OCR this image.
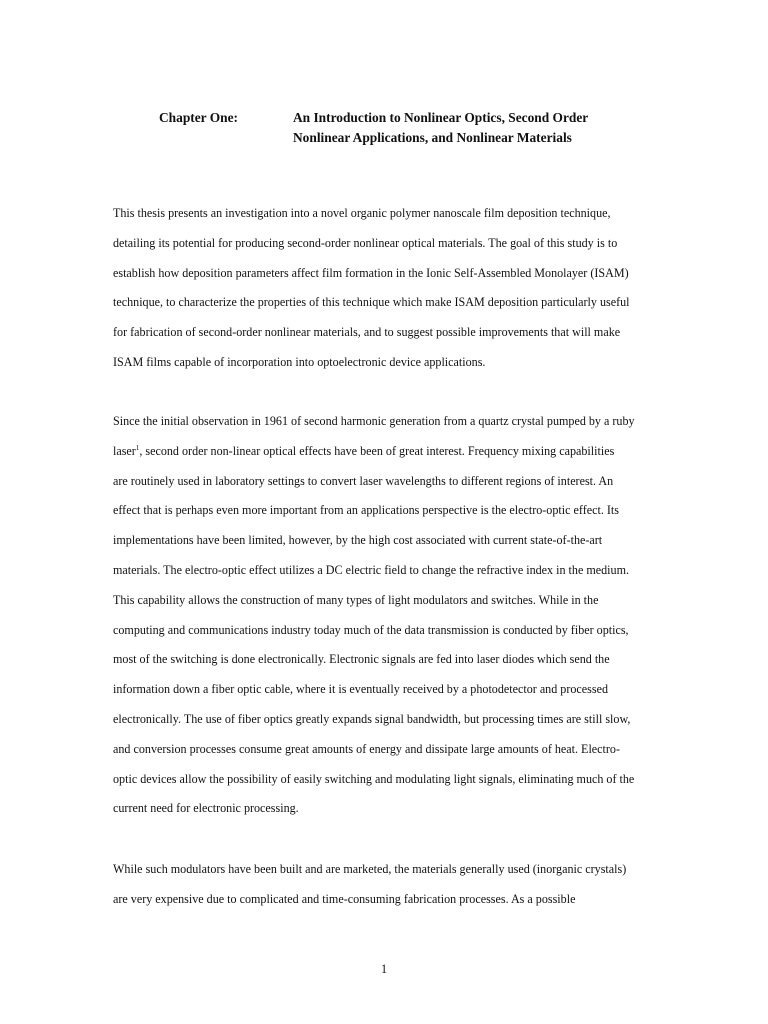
Chapter One:	An Introduction to Nonlinear Optics, Second Order
Nonlinear Applications, and Nonlinear Materials
This thesis presents an investigation into a novel organic polymer nanoscale film deposition technique,
detailing its potential for producing second-order nonlinear optical materials. The goal of this study is to
establish how deposition parameters affect film formation in the Ionic Self-Assembled Monolayer (ISAM)
technique, to characterize the properties of this technique which make ISAM deposition particularly useful
for fabrication of second-order nonlinear materials, and to suggest possible improvements that will make
ISAM films capable of incorporation into optoelectronic device applications.
Since the initial observation in 1961 of second harmonic generation from a quartz crystal pumped by a ruby
laser$^1$, second order non-linear optical effects have been of great interest. Frequency mixing capabilities
are routinely used in laboratory settings to convert laser wavelengths to different regions of interest. An
effect that is perhaps even more important from an applications perspective is the electro-optic effect. Its
implementations have been limited, however, by the high cost associated with current state-of-the-art
materials. The electro-optic effect utilizes a DC electric field to change the refractive index in the medium.
This capability allows the construction of many types of light modulators and switches. While in the
computing and communications industry today much of the data transmission is conducted by fiber optics,
most of the switching is done electronically. Electronic signals are fed into laser diodes which send the
information down a fiber optic cable, where it is eventually received by a photodetector and processed
electronically. The use of fiber optics greatly expands signal bandwidth, but processing times are still slow,
and conversion processes consume great amounts of energy and dissipate large amounts of heat. Electro-
optic devices allow the possibility of easily switching and modulating light signals, eliminating much of the
current need for electronic processing.
While such modulators have been built and are marketed, the materials generally used (inorganic crystals)
are very expensive due to complicated and time-consuming fabrication processes. As a possible
1
